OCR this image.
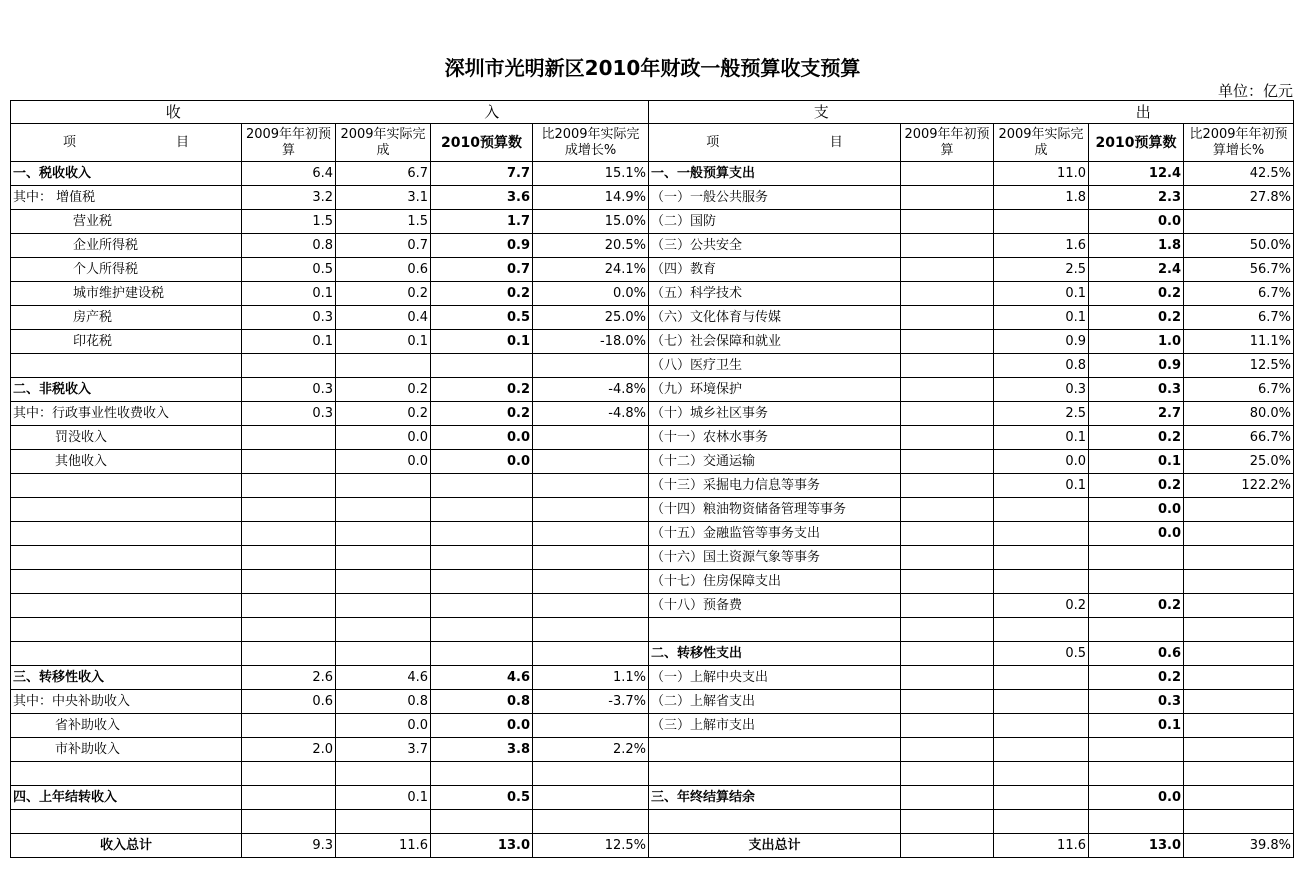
深圳市光明新区2010年财政一般预算收支预算
单位：亿元
收		入			支		出		
项 目	2009年年初预算	2009年实际完成	2010预算数	比2009年实际完成增长%	项 目	2009年年初预算	2009年实际完成	2010预算数	比2009年年初预算增长%
一、税收收入	6.4	6.7	7.7	15.1%	一、一般预算支出		11.0	12.4	42.5%
其中： 增值税	3.2	3.1	3.6	14.9%	（一）一般公共服务		1.8	2.3	27.8%
营业税	1.5	1.5	1.7	15.0%	（二）国防			0.0	
企业所得税	0.8	0.7	0.9	20.5%	（三）公共安全		1.6	1.8	50.0%
个人所得税	0.5	0.6	0.7	24.1%	（四）教育		2.5	2.4	56.7%
城市维护建设税	0.1	0.2	0.2	0.0%	（五）科学技术		0.1	0.2	6.7%
房产税	0.3	0.4	0.5	25.0%	（六）文化体育与传媒		0.1	0.2	6.7%
印花税	0.1	0.1	0.1	-18.0%	（七）社会保障和就业		0.9	1.0	11.1%
					（八）医疗卫生		0.8	0.9	12.5%
二、非税收入	0.3	0.2	0.2	-4.8%	（九）环境保护		0.3	0.3	6.7%
其中：行政事业性收费收入	0.3	0.2	0.2	-4.8%	（十）城乡社区事务		2.5	2.7	80.0%
罚没收入		0.0	0.0		（十一）农林水事务		0.1	0.2	66.7%
其他收入		0.0	0.0		（十二）交通运输		0.0	0.1	25.0%
					（十三）采掘电力信息等事务		0.1	0.2	122.2%
					（十四）粮油物资储备管理等事务			0.0	
					（十五）金融监管等事务支出			0.0	
					（十六）国土资源气象等事务				
					（十七）住房保障支出				
					（十八）预备费		0.2	0.2	

					二、转移性支出		0.5	0.6	
三、转移性收入	2.6	4.6	4.6	1.1%	（一）上解中央支出			0.2	
其中：中央补助收入	0.6	0.8	0.8	-3.7%	（二）上解省支出			0.3	
省补助收入		0.0	0.0		（三）上解市支出			0.1	
市补助收入	2.0	3.7	3.8	2.2%					

四、上年结转收入		0.1	0.5		三、年终结算结余			0.0	

收入总计	9.3	11.6	13.0	12.5%	支出总计		11.6	13.0	39.8%
